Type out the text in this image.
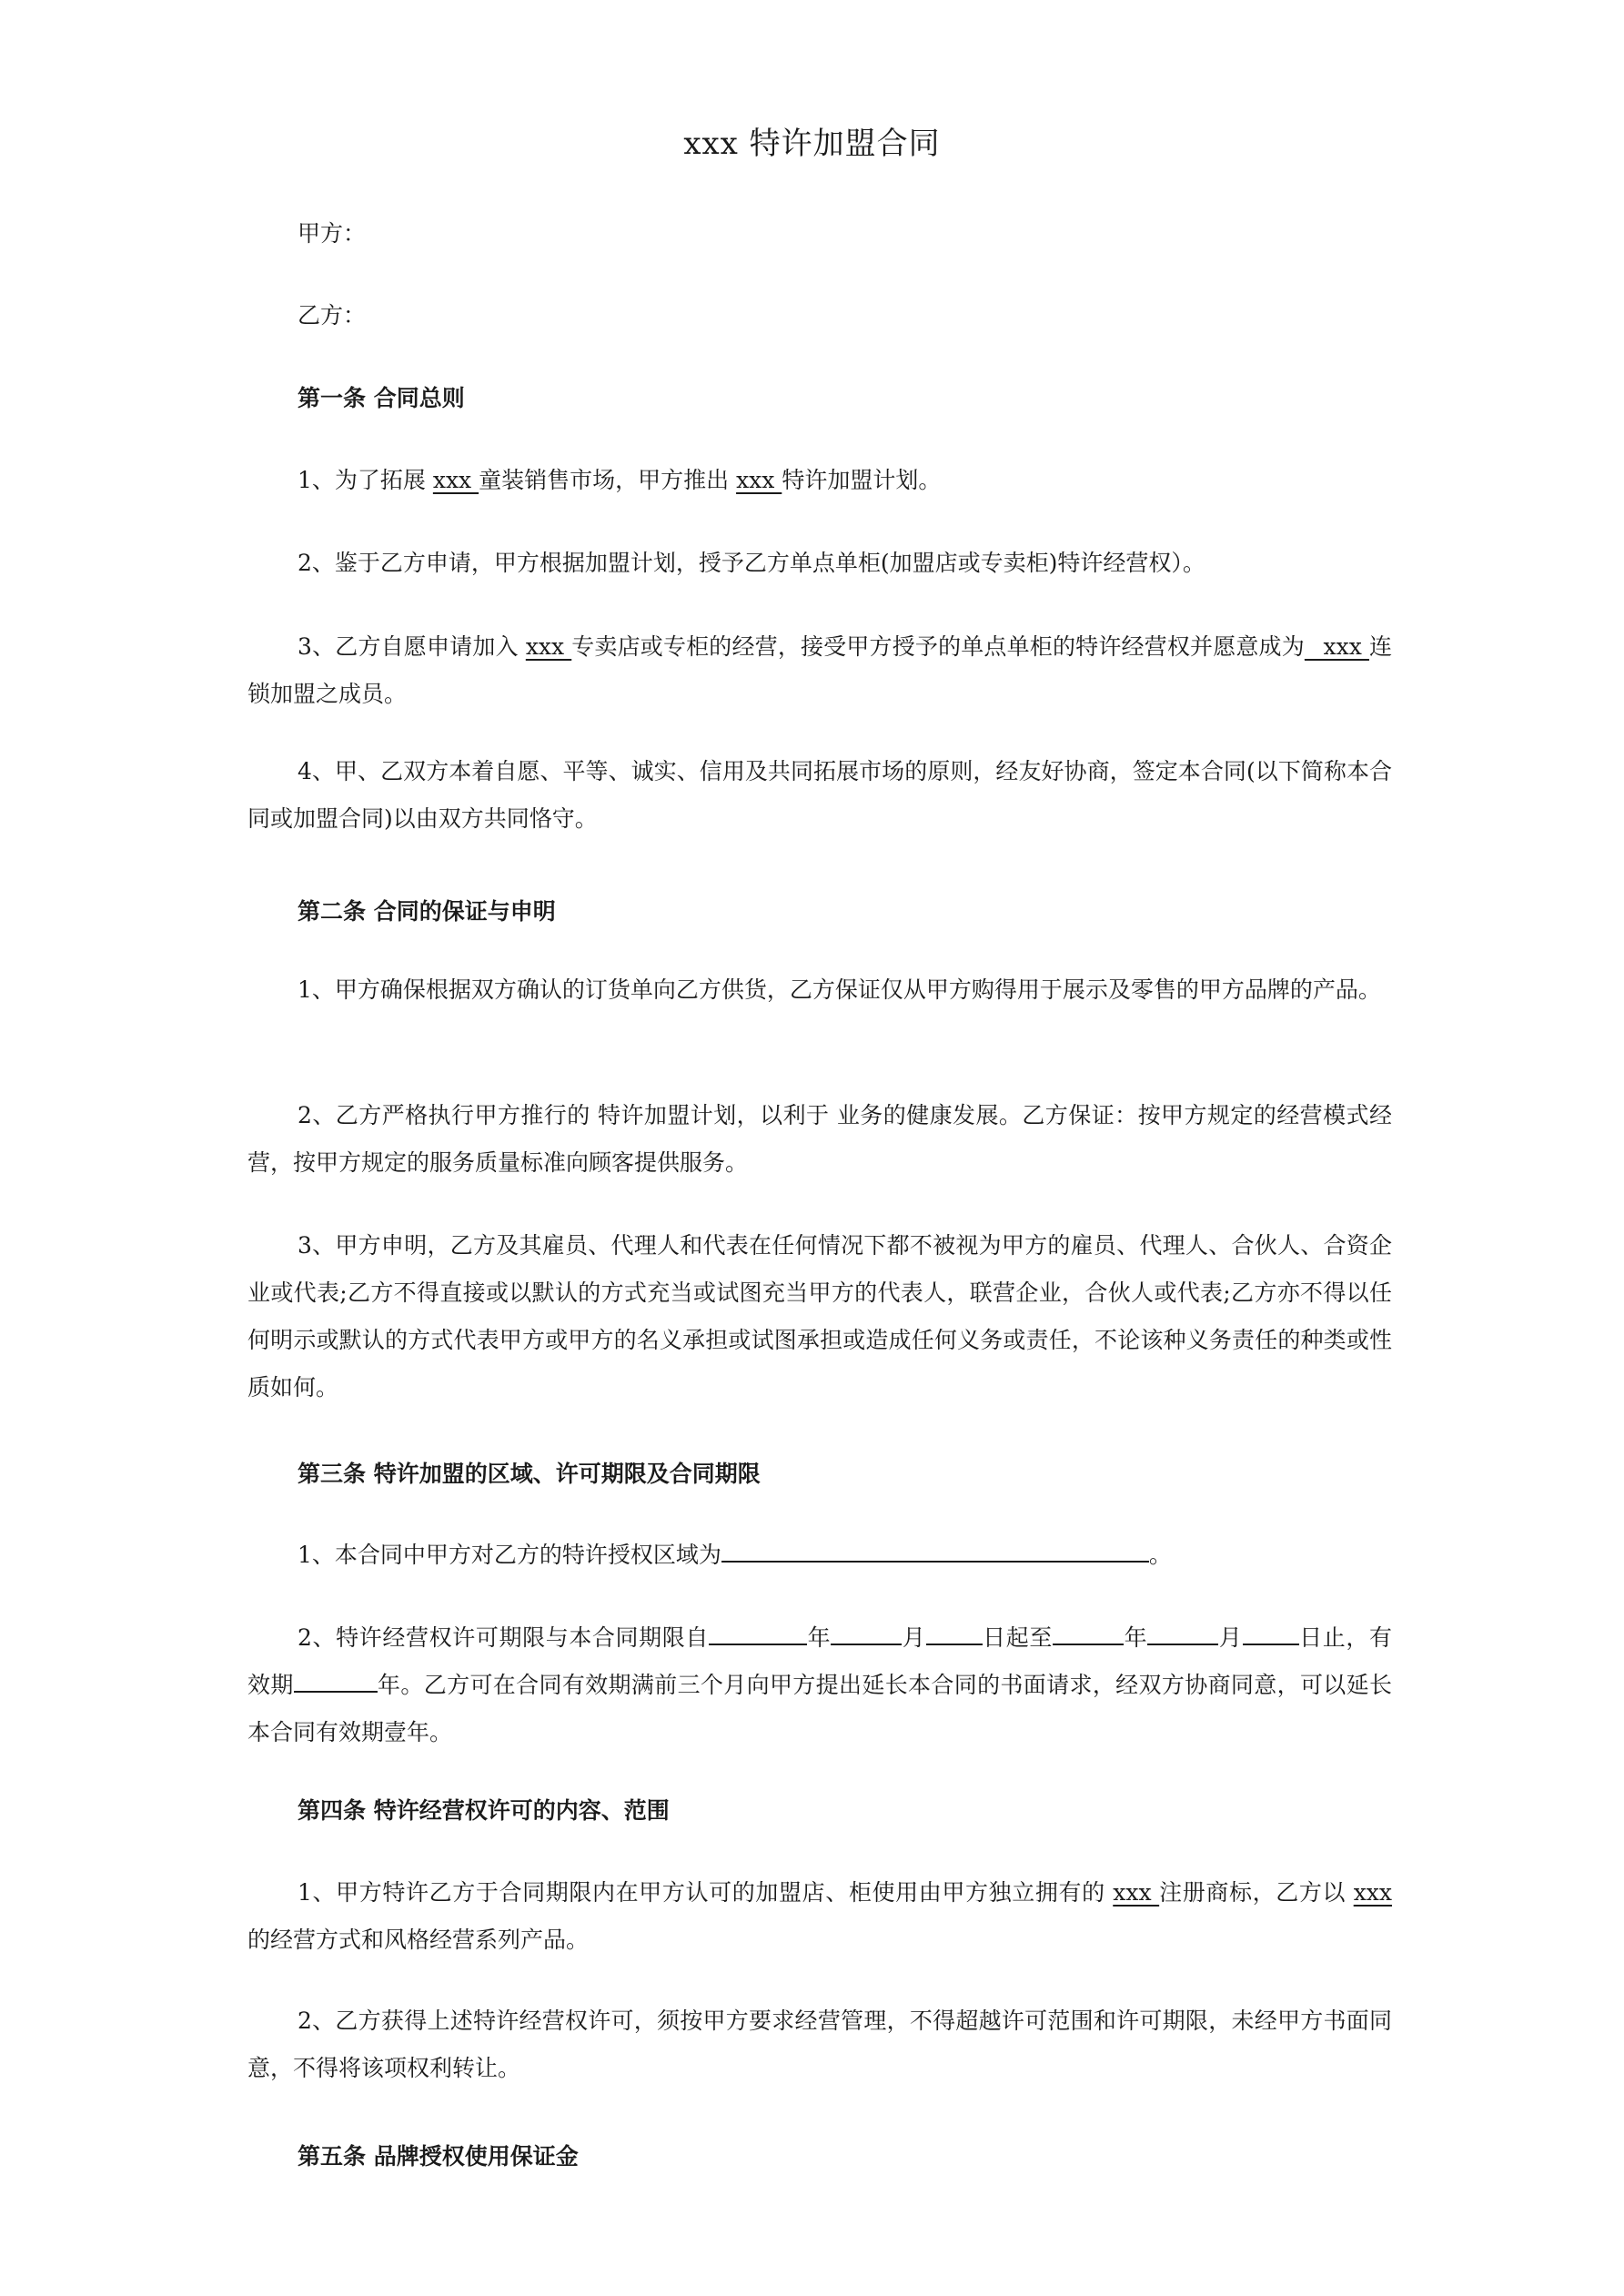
xxx 特许加盟合同
甲方：
乙方：
第一条 合同总则
1、为了拓展 xxx 童装销售市场，甲方推出 xxx 特许加盟计划。
2、鉴于乙方申请，甲方根据加盟计划，授予乙方单点单柜(加盟店或专卖柜)特许经营权）。
3、乙方自愿申请加入 xxx 专卖店或专柜的经营，接受甲方授予的单点单柜的特许经营权并愿意成为_ xxx 连锁加盟之成员。
4、甲、乙双方本着自愿、平等、诚实、信用及共同拓展市场的原则，经友好协商，签定本合同(以下简称本合同或加盟合同)以由双方共同恪守。
第二条 合同的保证与申明
1、甲方确保根据双方确认的订货单向乙方供货，乙方保证仅从甲方购得用于展示及零售的甲方品牌的产品。
2、乙方严格执行甲方推行的 特许加盟计划，以利于 业务的健康发展。乙方保证：按甲方规定的经营模式经营，按甲方规定的服务质量标准向顾客提供服务。
3、甲方申明，乙方及其雇员、代理人和代表在任何情况下都不被视为甲方的雇员、代理人、合伙人、合资企业或代表;乙方不得直接或以默认的方式充当或试图充当甲方的代表人，联营企业，合伙人或代表;乙方亦不得以任何明示或默认的方式代表甲方或甲方的名义承担或试图承担或造成任何义务或责任，不论该种义务责任的种类或性质如何。
第三条 特许加盟的区域、许可期限及合同期限
1、本合同中甲方对乙方的特许授权区域为	。
2、特许经营权许可期限与本合同期限自	年	月 日起至	年	月 日止，有效期	年。乙方可在合同有效期满前三个月向甲方提出延长本合同的书面请求，经双方协商同意，可以延长本合同有效期壹年。
第四条 特许经营权许可的内容、范围
1、甲方特许乙方于合同期限内在甲方认可的加盟店、柜使用由甲方独立拥有的 xxx 注册商标，乙方以 xxx 的经营方式和风格经营系列产品。
2、乙方获得上述特许经营权许可，须按甲方要求经营管理，不得超越许可范围和许可期限，未经甲方书面同意，不得将该项权利转让。
第五条 品牌授权使用保证金
